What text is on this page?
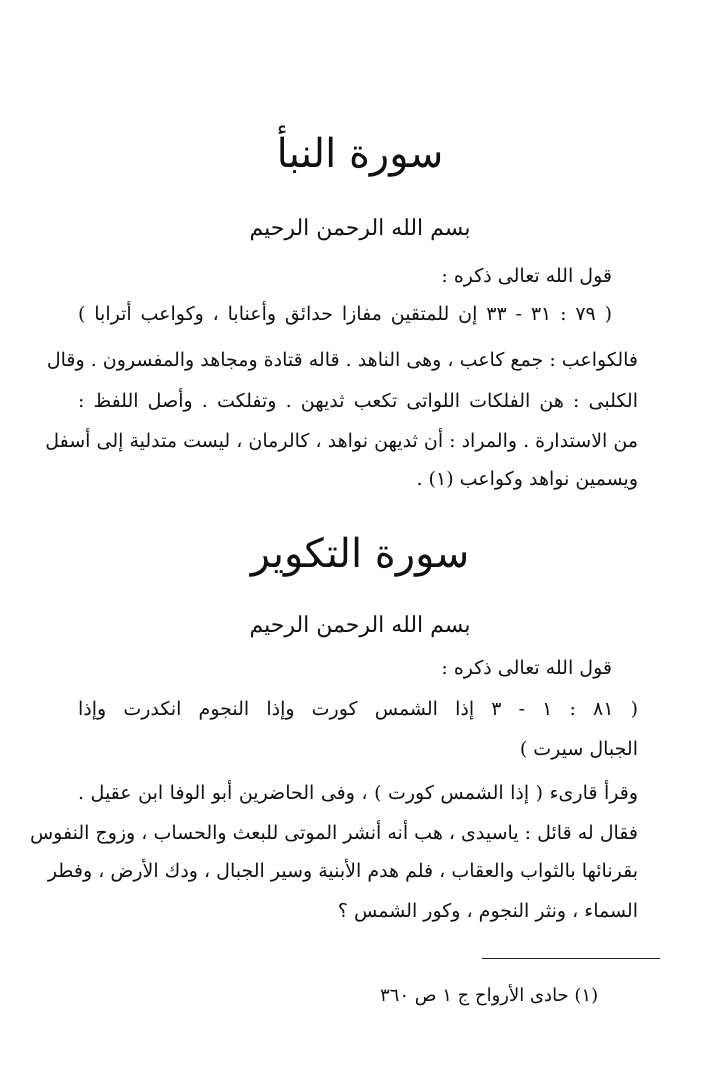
سورة النبأ
بسم الله الرحمن الرحيم
قول الله تعالى ذكره :
( ٧٩ : ٣١ - ٣٣ إن للمتقين مفازا حدائق وأعنابا ، وكواعب أترابا )
فالكواعب : جمع كاعب ، وهى الناهد . قاله قتادة ومجاهد والمفسرون . وقال
الكلبى : هن الفلكات اللواتى تكعب ثديهن . وتفلكت . وأصل اللفظ :
من الاستدارة . والمراد : أن ثديهن نواهد ، كالرمان ، ليست متدلية إلى أسفل
ويسمين نواهد وكواعب (١) .
سورة التكوير
بسم الله الرحمن الرحيم
قول الله تعالى ذكره :
( ٨١ : ١ - ٣ إذا الشمس كورت وإذا النجوم انكدرت وإذا
الجبال سيرت )
وقرأ قارىء ( إذا الشمس كورت ) ، وفى الحاضرين أبو الوفا ابن عقيل .
فقال له قائل : ياسيدى ، هب أنه أنشر الموتى للبعث والحساب ، وزوج النفوس
بقرنائها بالثواب والعقاب ، فلم هدم الأبنية وسير الجبال ، ودك الأرض ، وفطر
السماء ، ونثر النجوم ، وكور الشمس ؟
(١) حادى الأرواح ج ١ ص ٣٦٠
